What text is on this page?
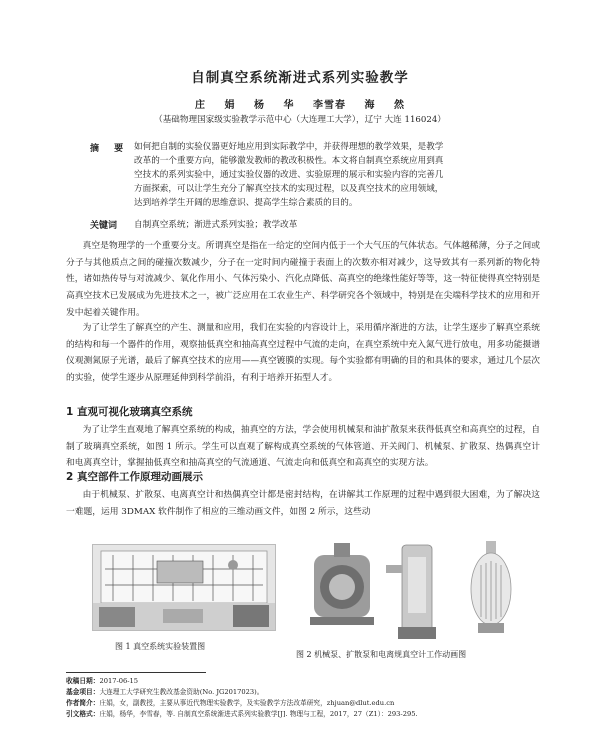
自制真空系统渐进式系列实验教学
庄 娟 杨 华 李雪春 海 然
（基础物理国家级实验教学示范中心（大连理工大学），辽宁 大连 116024）
摘 要 如何把自制的实验仪器更好地应用到实际教学中，并获得理想的教学效果，是教学
改革的一个重要方向，能够激发教师的教改积极性。本文将自制真空系统应用到真
空技术的系列实验中，通过实验仪器的改进、实验原理的展示和实验内容的完善几
方面探索，可以让学生充分了解真空技术的实现过程，以及真空技术的应用领域，
达到培养学生开阔的思维意识、提高学生综合素质的目的。
关键词 自制真空系统；渐进式系列实验；教学改革
真空是物理学的一个重要分支。所谓真空是指在一给定的空间内低于一个大气压的气体状态。气体越稀薄，分子之间或分子与其他质点之间的碰撞次数减少，分子在一定时间内碰撞于表面上的次数亦相对减少，这导致其有一系列新的物化特性，诸如热传导与对流减少、氧化作用小、气体污染小、汽化点降低、高真空的绝缘性能好等等，这一特征使得真空特别是高真空技术已发展成为先进技术之一，被广泛应用在工农业生产、科学研究各个领域中，特别是在尖端科学技术的应用和开发中起着关键作用。
为了让学生了解真空的产生、测量和应用，我们在实验的内容设计上，采用循序渐进的方法，让学生逐步了解真空系统的结构和每一个器件的作用，观察抽低真空和抽高真空过程中气流的走向，在真空系统中充入氮气进行放电，用多功能摄谱仪观测氮原子光谱，最后了解真空技术的应用——真空镀膜的实现。每个实验都有明确的目的和具体的要求，通过几个层次的实验，使学生逐步从原理延伸到科学前沿，有利于培养开拓型人才。
1 直观可视化玻璃真空系统
为了让学生直观地了解真空系统的构成，抽真空的方法，学会使用机械泵和油扩散泵来获得低真空和高真空的过程，自制了玻璃真空系统，如图 1 所示。学生可以直观了解构成真空系统的气体管道、开关阀门、机械泵、扩散泵、热偶真空计和电离真空计，掌握抽低真空和抽高真空的气流通道、气流走向和低真空和高真空的实现方法。
2 真空部件工作原理动画展示
由于机械泵、扩散泵、电离真空计和热偶真空计都是密封结构，在讲解其工作原理的过程中遇到很大困难，为了解决这一难题，运用 3DMAX 软件制作了相应的三维动画文件，如图 2 所示，这些动
图 1 真空系统实验装置图
图 2 机械泵、扩散泵和电离规真空计工作动画图
收稿日期：2017-06-15
基金项目：大连理工大学研究生教改基金资助(No. JG2017023)。
作者简介：庄娟，女，副教授，主要从事近代物理实验教学，及实验教学方法改革研究，zhjuan@dlut.edu.cn
引文格式：庄娟，杨华，李雪春，等. 自制真空系统渐进式系列实验教学[J]. 物理与工程，2017，27（Z1）：293-295.
